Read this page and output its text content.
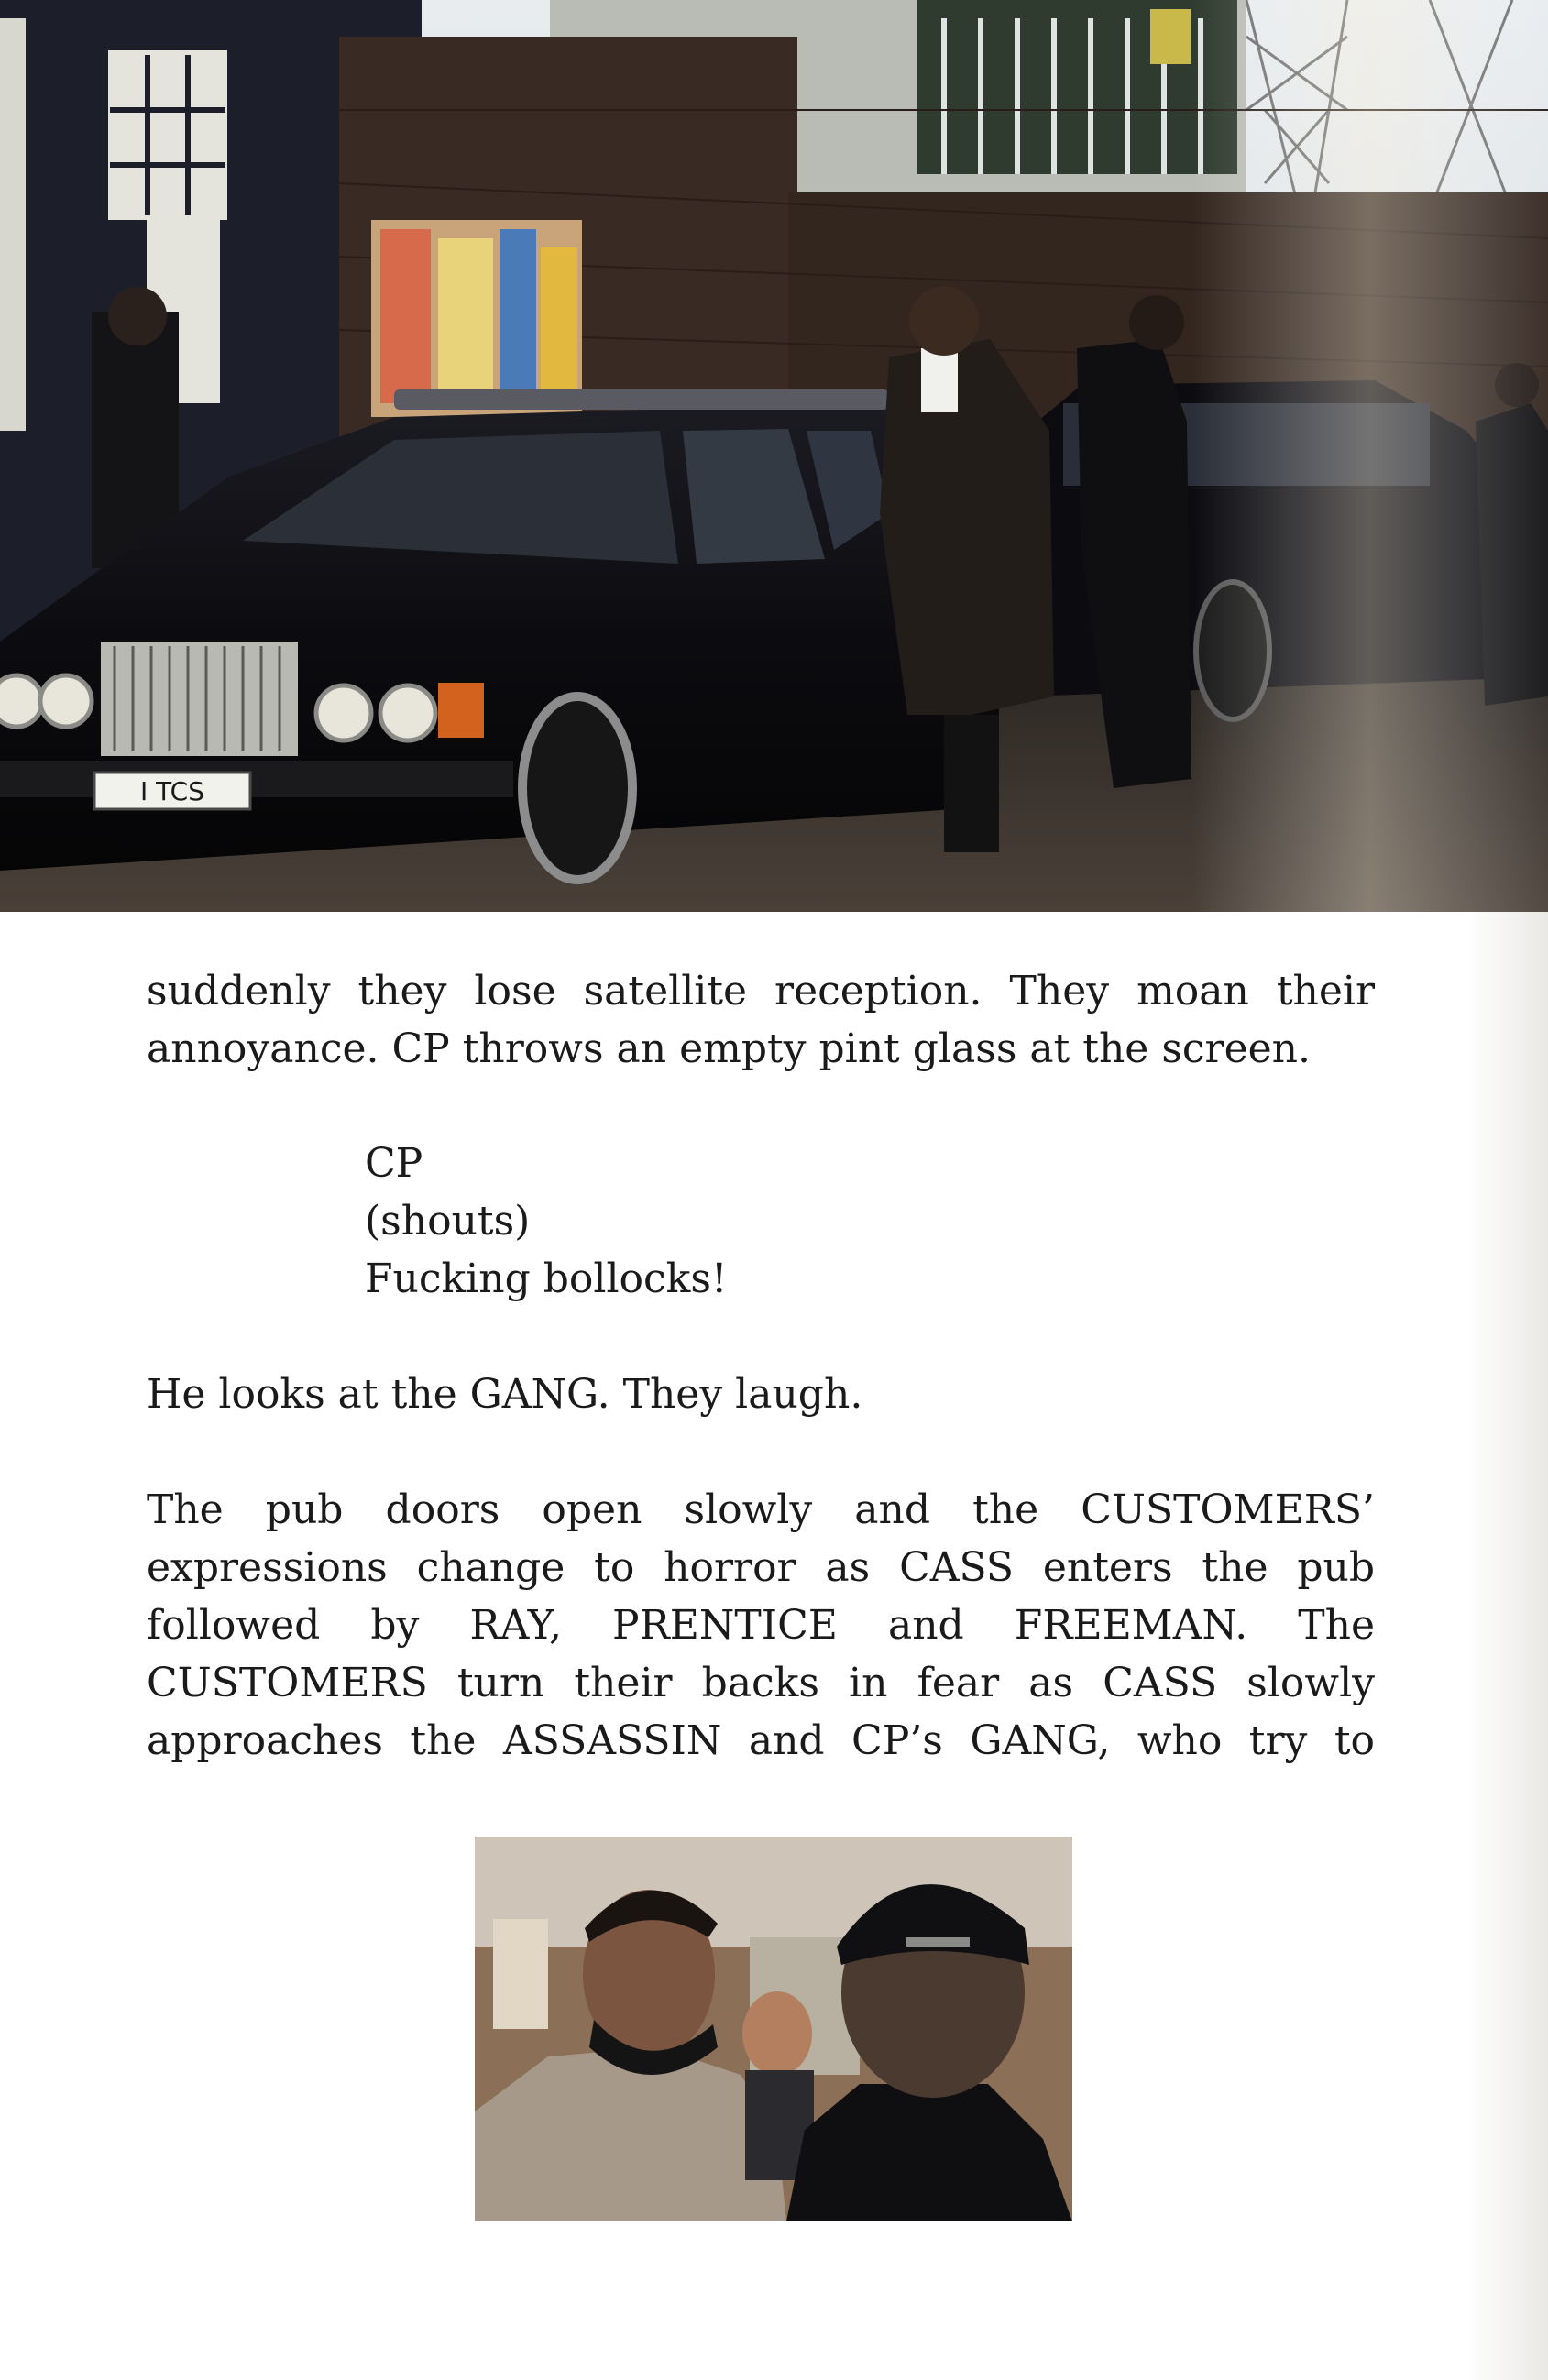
I TCS
suddenly they lose satellite reception. They moan their
annoyance. CP throws an empty pint glass at the screen.
CP
(shouts)
Fucking bollocks!
He looks at the GANG. They laugh.
The pub doors open slowly and the CUSTOMERS’
expressions change to horror as CASS enters the pub
followed by RAY, PRENTICE and FREEMAN. The
CUSTOMERS turn their backs in fear as CASS slowly
approaches the ASSASSIN and CP’s GANG, who try to
